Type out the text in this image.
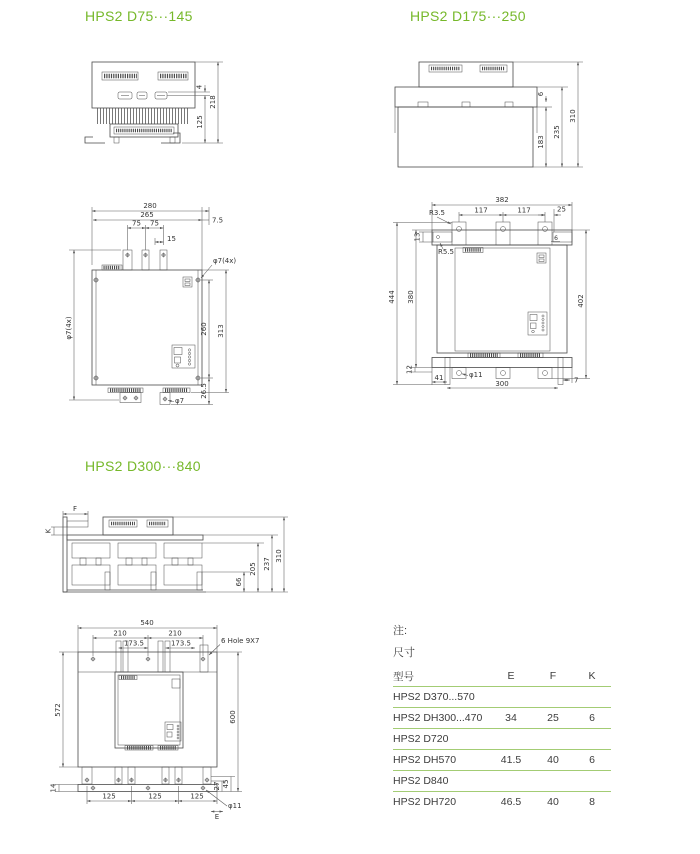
HPS2 D75···145	HPS2 D175···250
HPS2 D300···840
4
218
125
6
183
235
310
280
265
7.5
75 75
15
φ7(4x)
φ7(4x)	260 313
26.5
φ7
382
117	117	25
R3.5
R5.5
13
444 380	402
6
12
41
300	7
φ11
F
K
66
205 237
310
540
210	210
173.5	173.5	6 Hole 9X7
572
600
125	125	125
14	27 45
φ11
E
注:
尺寸
型号	E	F	K
HPS2 D370...570
HPS2 DH300...470	34	25	6
HPS2 D720
HPS2 DH570	41.5	40	6
HPS2 D840
HPS2 DH720	46.5	40	8
